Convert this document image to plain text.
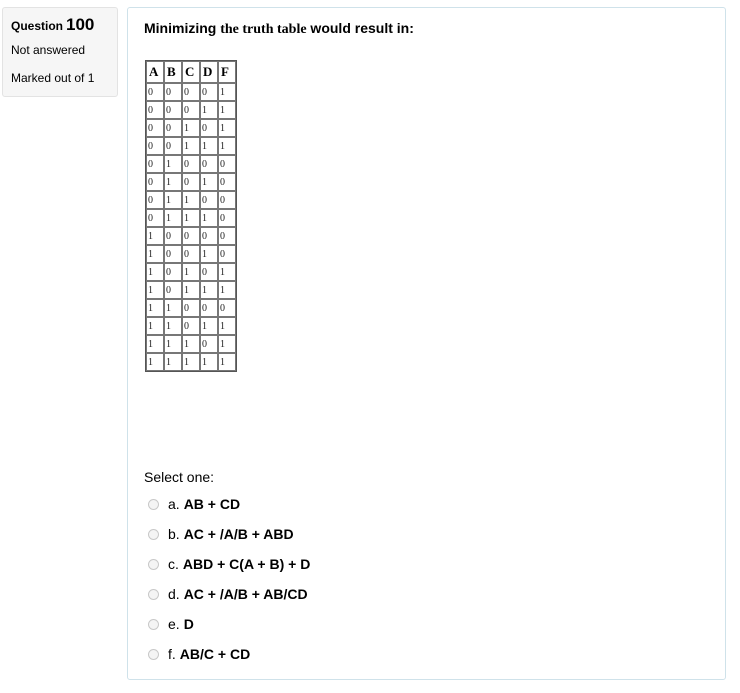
Question 100
Not answered
Marked out of 1
Minimizing the truth table would result in:
A	B	C	D	F
0	0	0	0	1
0	0	0	1	1
0	0	1	0	1
0	0	1	1	1
0	1	0	0	0
0	1	0	1	0
0	1	1	0	0
0	1	1	1	0
1	0	0	0	0
1	0	0	1	0
1	0	1	0	1
1	0	1	1	1
1	1	0	0	0
1	1	0	1	1
1	1	1	0	1
1	1	1	1	1
Select one:
a. AB + CD
b. AC + /A/B + ABD
c. ABD + C(A + B) + D
d. AC + /A/B + AB/CD
e. D
f. AB/C + CD
